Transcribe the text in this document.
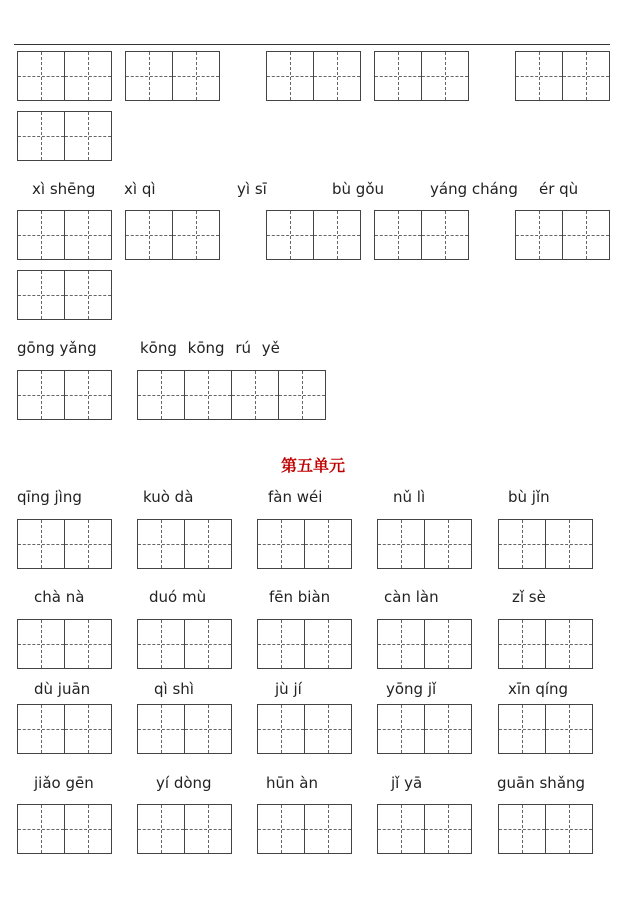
xì shēng xì qì	yì sī	bù gǒu	yáng cháng ér qù
gōng yǎng	kōng kōng rú yě
第五单元
qīng jìng	kuò dà	fàn wéi	nǔ lì	bù jǐn
chà nà	duó mù	fēn biàn	càn làn	zǐ sè
dù juān	qì shì	jù jí	yōng jǐ	xīn qíng
jiǎo gēn	yí dòng	hūn àn	jǐ yā	guān shǎng
